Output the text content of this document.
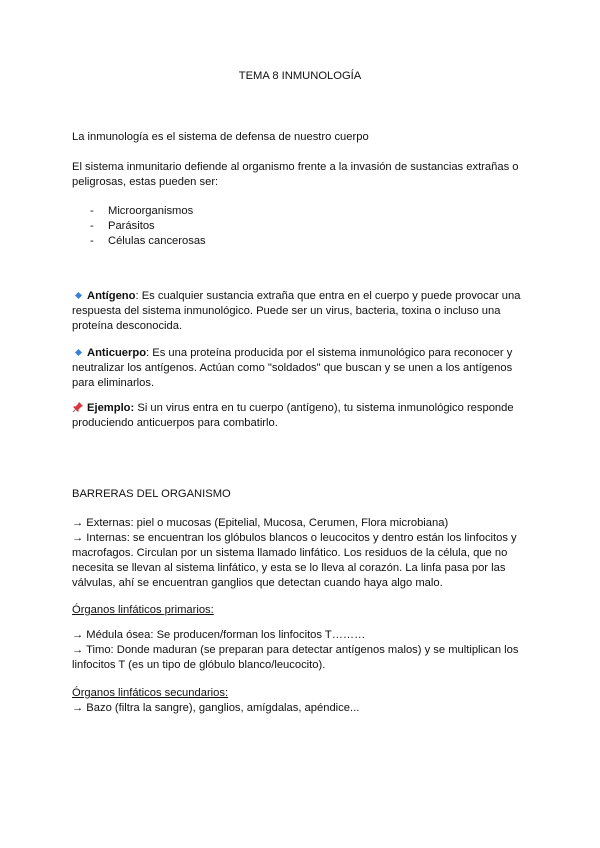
TEMA 8 INMUNOLOGÍA

La inmunología es el sistema de defensa de nuestro cuerpo

El sistema inmunitario defiende al organismo frente a la invasión de sustancias extrañas o peligrosas, estas pueden ser:

- Microorganismos
- Parásitos
- Células cancerosas

Antígeno: Es cualquier sustancia extraña que entra en el cuerpo y puede provocar una respuesta del sistema inmunológico. Puede ser un virus, bacteria, toxina o incluso una proteína desconocida.

Anticuerpo: Es una proteína producida por el sistema inmunológico para reconocer y neutralizar los antígenos. Actúan como "soldados" que buscan y se unen a los antígenos para eliminarlos.

Ejemplo: Si un virus entra en tu cuerpo (antígeno), tu sistema inmunológico responde produciendo anticuerpos para combatirlo.

BARRERAS DEL ORGANISMO

→ Externas: piel o mucosas (Epitelial, Mucosa, Cerumen, Flora microbiana)
→ Internas: se encuentran los glóbulos blancos o leucocitos y dentro están los linfocitos y macrofagos. Circulan por un sistema llamado linfático. Los residuos de la célula, que no necesita se llevan al sistema linfático, y esta se lo lleva al corazón. La linfa pasa por las válvulas, ahí se encuentran ganglios que detectan cuando haya algo malo.

Órganos linfáticos primarios:

→ Médula ósea: Se producen/forman los linfocitos T………
→ Timo: Donde maduran (se preparan para detectar antígenos malos) y se multiplican los linfocitos T (es un tipo de glóbulo blanco/leucocito).

Órganos linfáticos secundarios:

→ Bazo (filtra la sangre), ganglios, amígdalas, apéndice...
